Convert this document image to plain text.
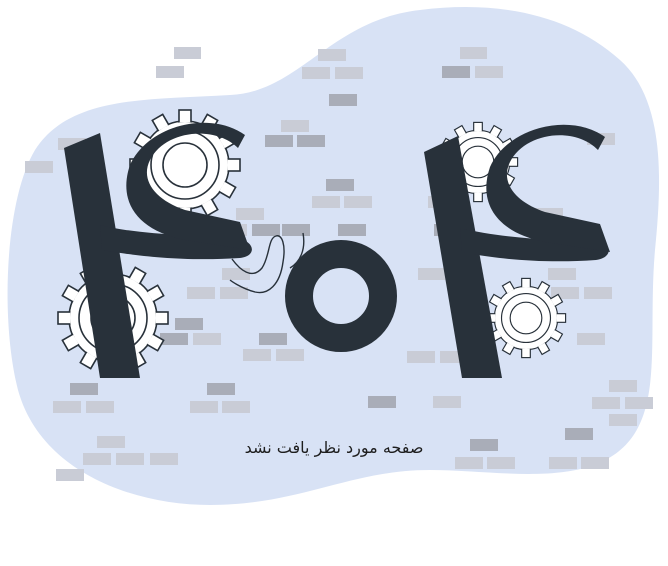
صفحه مورد نظر یافت نشد
